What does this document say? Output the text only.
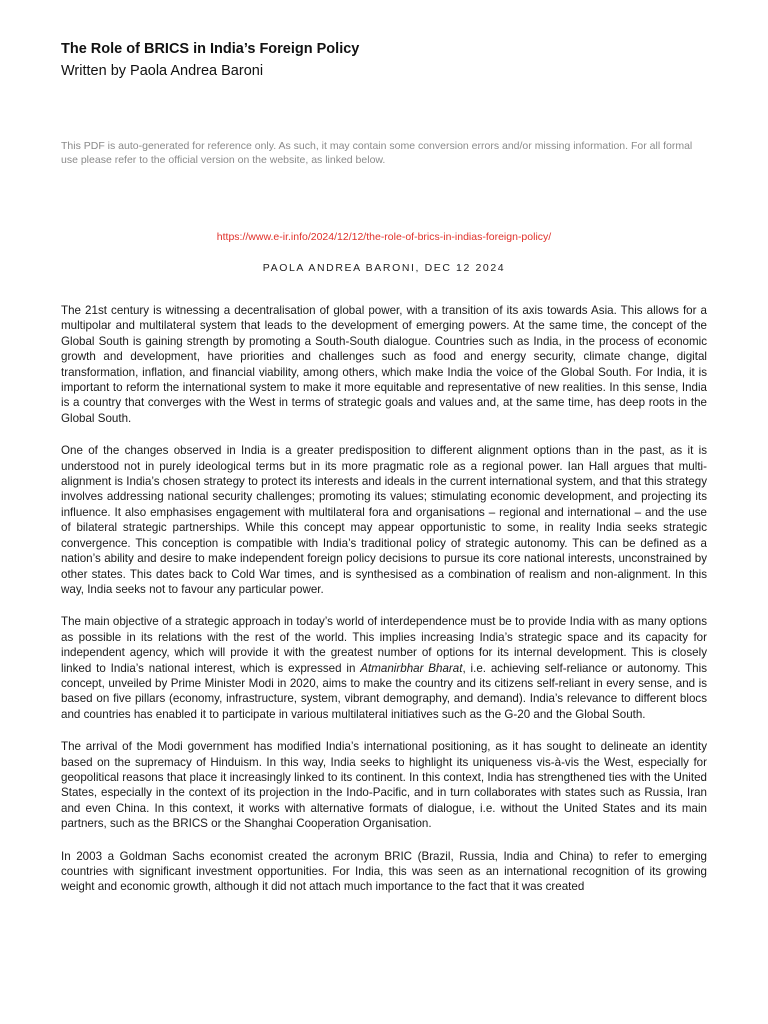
The Role of BRICS in India’s Foreign Policy
Written by Paola Andrea Baroni

This PDF is auto-generated for reference only. As such, it may contain some conversion errors and/or missing information. For all formal use please refer to the official version on the website, as linked below.

https://www.e-ir.info/2024/12/12/the-role-of-brics-in-indias-foreign-policy/
PAOLA ANDREA BARONI, DEC 12 2024

The 21st century is witnessing a decentralisation of global power, with a transition of its axis towards Asia. This allows for a multipolar and multilateral system that leads to the development of emerging powers. At the same time, the concept of the Global South is gaining strength by promoting a South-South dialogue. Countries such as India, in the process of economic growth and development, have priorities and challenges such as food and energy security, climate change, digital transformation, inflation, and financial viability, among others, which make India the voice of the Global South. For India, it is important to reform the international system to make it more equitable and representative of new realities. In this sense, India is a country that converges with the West in terms of strategic goals and values and, at the same time, has deep roots in the Global South.

One of the changes observed in India is a greater predisposition to different alignment options than in the past, as it is understood not in purely ideological terms but in its more pragmatic role as a regional power. Ian Hall argues that multi-alignment is India’s chosen strategy to protect its interests and ideals in the current international system, and that this strategy involves addressing national security challenges; promoting its values; stimulating economic development, and projecting its influence. It also emphasises engagement with multilateral fora and organisations – regional and international – and the use of bilateral strategic partnerships. While this concept may appear opportunistic to some, in reality India seeks strategic convergence. This conception is compatible with India’s traditional policy of strategic autonomy. This can be defined as a nation’s ability and desire to make independent foreign policy decisions to pursue its core national interests, unconstrained by other states. This dates back to Cold War times, and is synthesised as a combination of realism and non-alignment. In this way, India seeks not to favour any particular power.

The main objective of a strategic approach in today’s world of interdependence must be to provide India with as many options as possible in its relations with the rest of the world. This implies increasing India’s strategic space and its capacity for independent agency, which will provide it with the greatest number of options for its internal development. This is closely linked to India’s national interest, which is expressed in Atmanirbhar Bharat, i.e. achieving self-reliance or autonomy. This concept, unveiled by Prime Minister Modi in 2020, aims to make the country and its citizens self-reliant in every sense, and is based on five pillars (economy, infrastructure, system, vibrant demography, and demand). India’s relevance to different blocs and countries has enabled it to participate in various multilateral initiatives such as the G-20 and the Global South.

The arrival of the Modi government has modified India’s international positioning, as it has sought to delineate an identity based on the supremacy of Hinduism. In this way, India seeks to highlight its uniqueness vis-à-vis the West, especially for geopolitical reasons that place it increasingly linked to its continent. In this context, India has strengthened ties with the United States, especially in the context of its projection in the Indo-Pacific, and in turn collaborates with states such as Russia, Iran and even China. In this context, it works with alternative formats of dialogue, i.e. without the United States and its main partners, such as the BRICS or the Shanghai Cooperation Organisation.

In 2003 a Goldman Sachs economist created the acronym BRIC (Brazil, Russia, India and China) to refer to emerging countries with significant investment opportunities. For India, this was seen as an international recognition of its growing weight and economic growth, although it did not attach much importance to the fact that it was created
